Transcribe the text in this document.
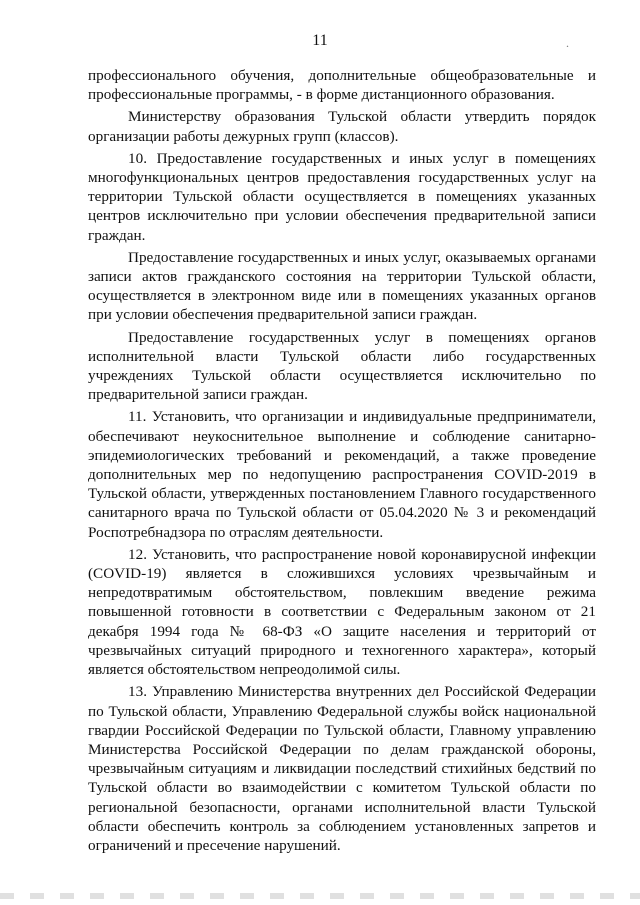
11	.

профессионального обучения, дополнительные общеобразовательные и профессиональные программы, - в форме дистанционного образования.

Министерству образования Тульской области утвердить порядок организации работы дежурных групп (классов).

10. Предоставление государственных и иных услуг в помещениях многофункциональных центров предоставления государственных услуг на территории Тульской области осуществляется в помещениях указанных центров исключительно при условии обеспечения предварительной записи граждан.

Предоставление государственных и иных услуг, оказываемых органами записи актов гражданского состояния на территории Тульской области, осуществляется в электронном виде или в помещениях указанных органов при условии обеспечения предварительной записи граждан.

Предоставление государственных услуг в помещениях органов исполнительной власти Тульской области либо государственных учреждениях Тульской области осуществляется исключительно по предварительной записи граждан.

11. Установить, что организации и индивидуальные предприниматели, обеспечивают неукоснительное выполнение и соблюдение санитарно-эпидемиологических требований и рекомендаций, а также проведение дополнительных мер по недопущению распространения COVID-2019 в Тульской области, утвержденных постановлением Главного государственного санитарного врача по Тульской области от 05.04.2020 № 3 и рекомендаций Роспотребнадзора по отраслям деятельности.

12. Установить, что распространение новой коронавирусной инфекции (COVID-19) является в сложившихся условиях чрезвычайным и непредотвратимым обстоятельством, повлекшим введение режима повышенной готовности в соответствии с Федеральным законом от 21 декабря 1994 года № 68-ФЗ «О защите населения и территорий от чрезвычайных ситуаций природного и техногенного характера», который является обстоятельством непреодолимой силы.

13. Управлению Министерства внутренних дел Российской Федерации по Тульской области, Управлению Федеральной службы войск национальной гвардии Российской Федерации по Тульской области, Главному управлению Министерства Российской Федерации по делам гражданской обороны, чрезвычайным ситуациям и ликвидации последствий стихийных бедствий по Тульской области во взаимодействии с комитетом Тульской области по региональной безопасности, органами исполнительной власти Тульской области обеспечить контроль за соблюдением установленных запретов и ограничений и пресечение нарушений.
